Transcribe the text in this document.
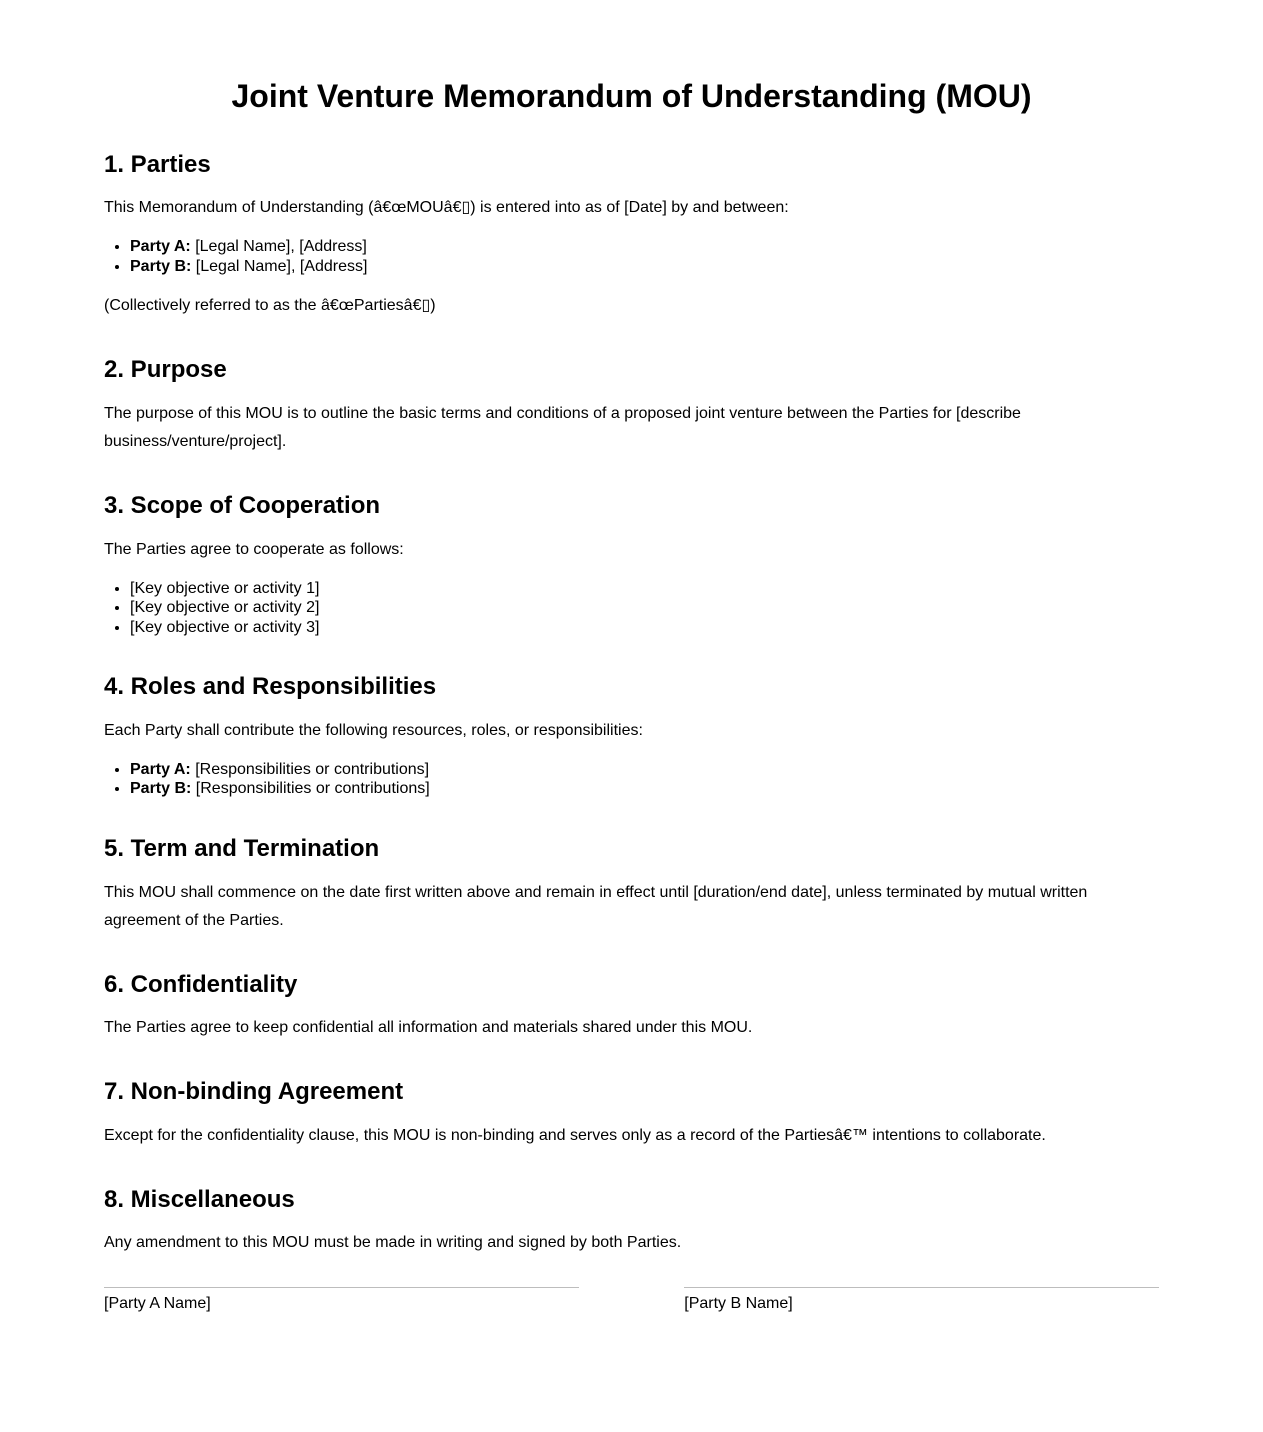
Joint Venture Memorandum of Understanding (MOU)
1. Parties

This Memorandum of Understanding (â€œMOUâ€▯) is entered into as of [Date] by and between:

• Party A: [Legal Name], [Address]
• Party B: [Legal Name], [Address]

(Collectively referred to as the â€œPartiesâ€▯)

2. Purpose

The purpose of this MOU is to outline the basic terms and conditions of a proposed joint venture between the Parties for [describe business/venture/project].

3. Scope of Cooperation

The Parties agree to cooperate as follows:

• [Key objective or activity 1]
• [Key objective or activity 2]
• [Key objective or activity 3]
4. Roles and Responsibilities

Each Party shall contribute the following resources, roles, or responsibilities:

• Party A: [Responsibilities or contributions]
• Party B: [Responsibilities or contributions]
5. Term and Termination

This MOU shall commence on the date first written above and remain in effect until [duration/end date], unless terminated by mutual written agreement of the Parties.

6. Confidentiality

The Parties agree to keep confidential all information and materials shared under this MOU.

7. Non-binding Agreement

Except for the confidentiality clause, this MOU is non-binding and serves only as a record of the Partiesâ€™ intentions to collaborate.

8. Miscellaneous

Any amendment to this MOU must be made in writing and signed by both Parties.

[Party A Name]	[Party B Name]
